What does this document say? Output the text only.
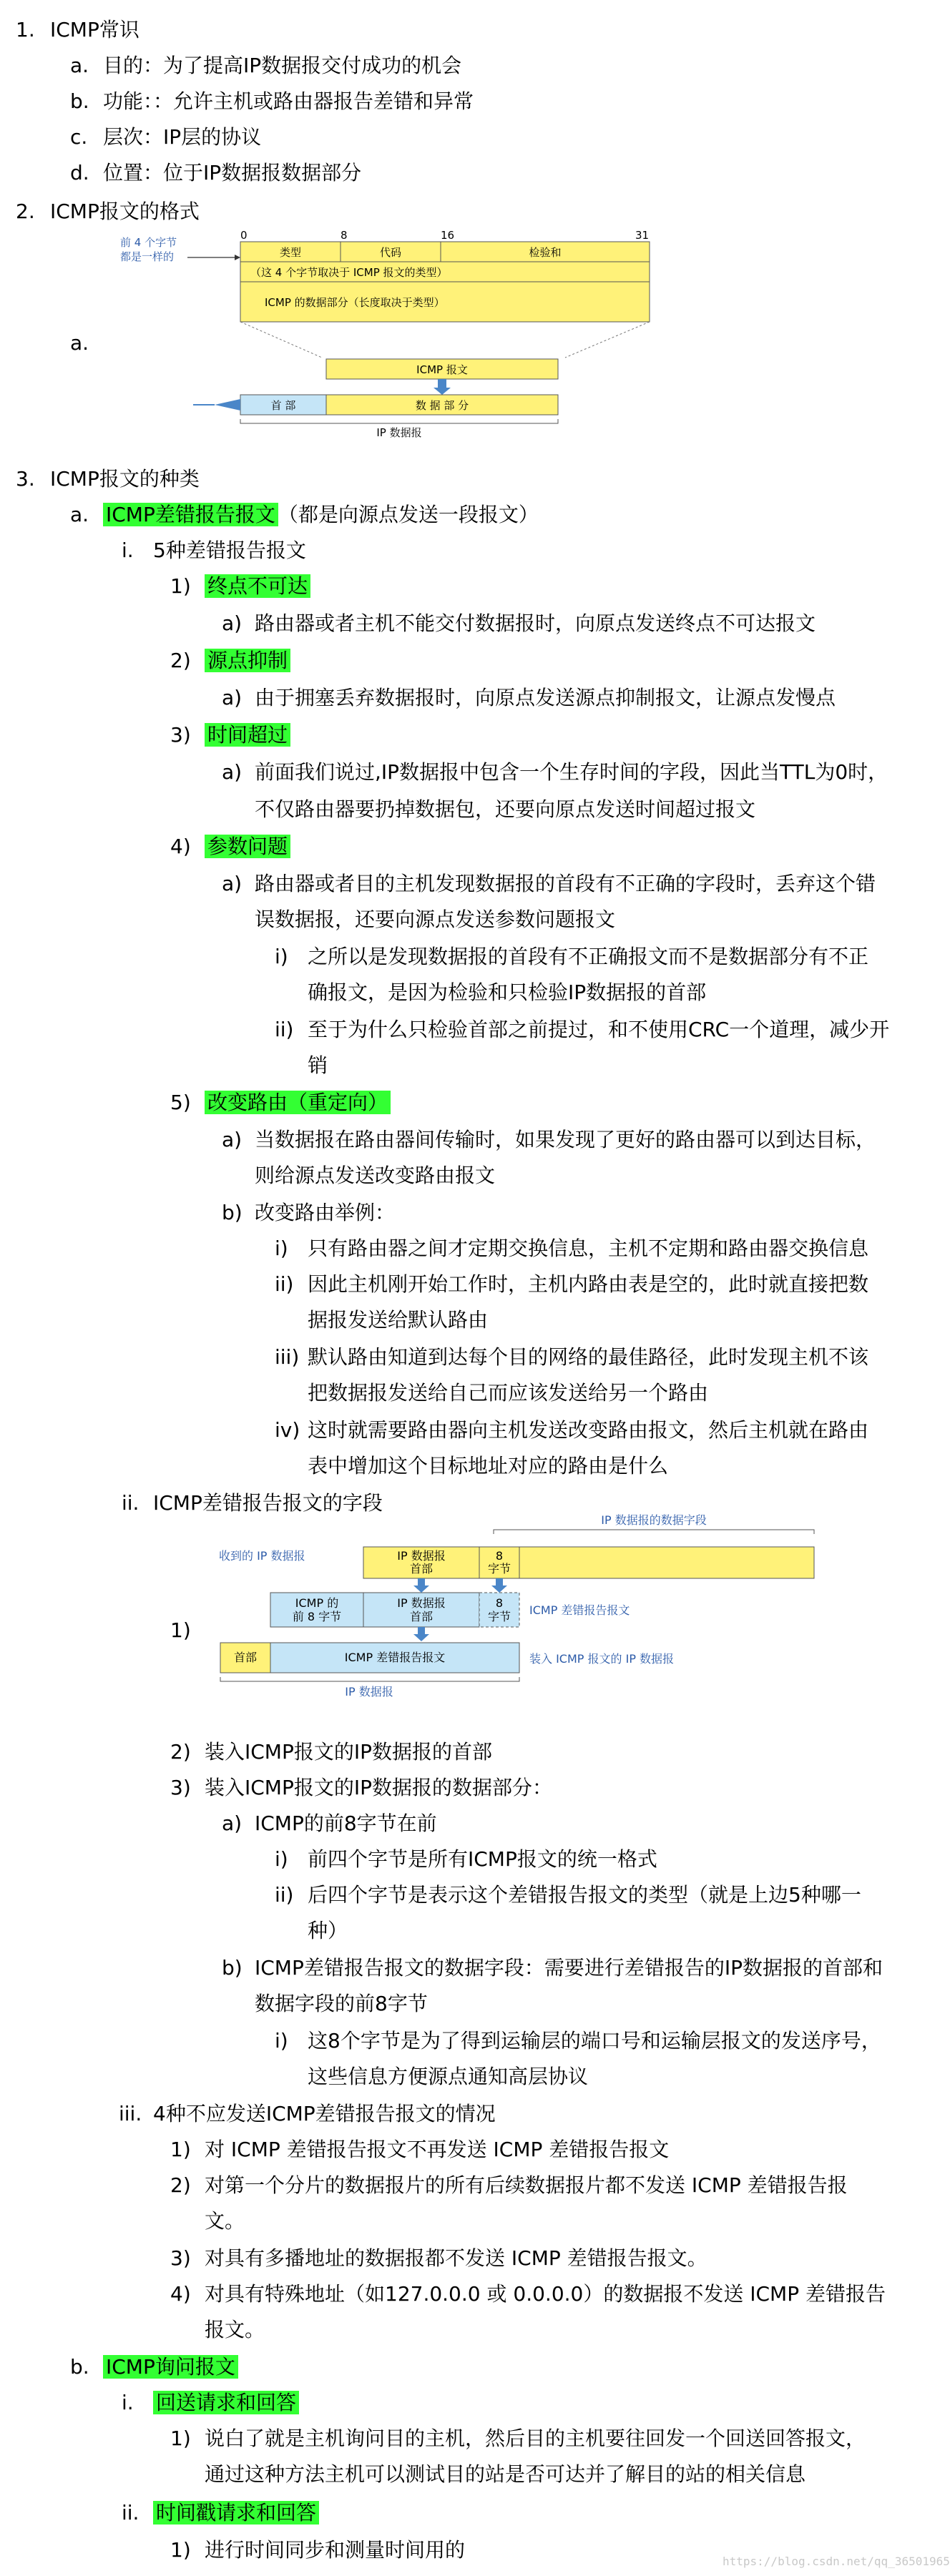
1. ICMP常识
a. 目的：为了提高IP数据报交付成功的机会
b. 功能：：允许主机或路由器报告差错和异常
c. 层次：IP层的协议
d. 位置：位于IP数据报数据部分
2. ICMP报文的格式
a.
3. ICMP报文的种类
a. ICMP差错报告报文 （都是向源点发送一段报文）
i. 5种差错报告报文
1) 终点不可达
a) 路由器或者主机不能交付数据报时，向原点发送终点不可达报文
2) 源点抑制
a) 由于拥塞丢弃数据报时，向原点发送源点抑制报文，让源点发慢点
3) 时间超过
a) 前面我们说过,IP数据报中包含一个生存时间的字段，因此当TTL为0时，
不仅路由器要扔掉数据包，还要向原点发送时间超过报文
4) 参数问题
a) 路由器或者目的主机发现数据报的首段有不正确的字段时，丢弃这个错
误数据报，还要向源点发送参数问题报文
i) 之所以是发现数据报的首段有不正确报文而不是数据部分有不正
确报文，是因为检验和只检验IP数据报的首部
ii) 至于为什么只检验首部之前提过，和不使用CRC一个道理，减少开
销
5) 改变路由（重定向）
a) 当数据报在路由器间传输时，如果发现了更好的路由器可以到达目标，
则给源点发送改变路由报文
b) 改变路由举例：
i) 只有路由器之间才定期交换信息，主机不定期和路由器交换信息
ii) 因此主机刚开始工作时，主机内路由表是空的，此时就直接把数
据报发送给默认路由
iii) 默认路由知道到达每个目的网络的最佳路径，此时发现主机不该
把数据报发送给自己而应该发送给另一个路由
iv) 这时就需要路由器向主机发送改变路由报文，然后主机就在路由
表中增加这个目标地址对应的路由是什么
ii. ICMP差错报告报文的字段
1)
2) 装入ICMP报文的IP数据报的首部
3) 装入ICMP报文的IP数据报的数据部分：
a) ICMP的前8字节在前
i) 前四个字节是所有ICMP报文的统一格式
ii) 后四个字节是表示这个差错报告报文的类型（就是上边5种哪一
种）
b) ICMP差错报告报文的数据字段：需要进行差错报告的IP数据报的首部和
数据字段的前8字节
i) 这8个字节是为了得到运输层的端口号和运输层报文的发送序号，
这些信息方便源点通知高层协议
iii. 4种不应发送ICMP差错报告报文的情况
1) 对 ICMP 差错报告报文不再发送 ICMP 差错报告报文
2) 对第一个分片的数据报片的所有后续数据报片都不发送 ICMP 差错报告报
文。
3) 对具有多播地址的数据报都不发送 ICMP 差错报告报文。
4) 对具有特殊地址（如127.0.0.0 或 0.0.0.0）的数据报不发送 ICMP 差错报告
报文。
b. ICMP询问报文
i. 回送请求和回答
1) 说白了就是主机询问目的主机，然后目的主机要往回发一个回送回答报文，
通过这种方法主机可以测试目的站是否可达并了解目的站的相关信息
ii. 时间戳请求和回答
1) 进行时间同步和测量时间用的
前 4 个字节
都是一样的
0	8	16	31
类型	代码	检验和
（这 4 个字节取决于 ICMP 报文的类型）
ICMP 的数据部分（长度取决于类型）
ICMP 报文
首 部	数 据 部 分
IP 数据报
IP 数据报的数据字段
收到的 IP 数据报	IP 数据报
首部
8
字节
ICMP 的
前 8 字节
IP 数据报
首部
8
字节 ICMP 差错报告报文
首部	ICMP 差错报告报文	装入 ICMP 报文的 IP 数据报
IP 数据报
https://blog.csdn.net/qq_36501965
